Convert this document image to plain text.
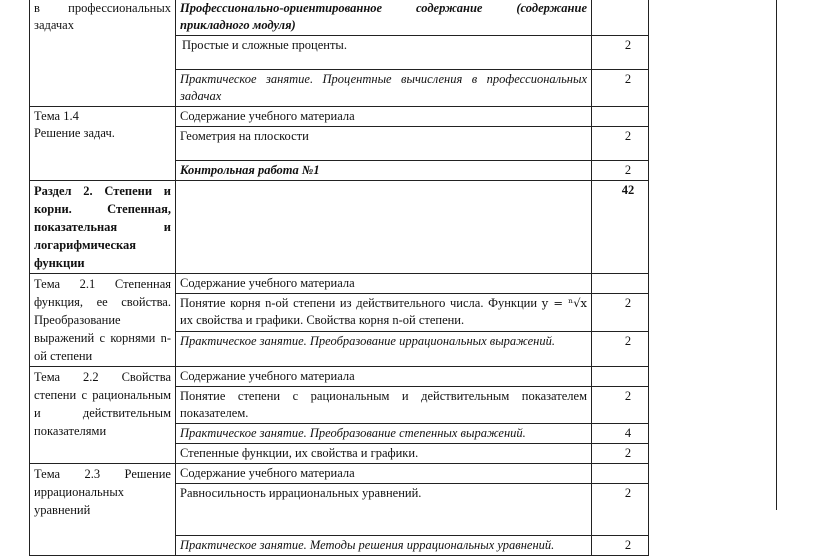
в профессиональных задачах	Профессионально-ориентированное содержание (содержание прикладного модуля)	
	Простые и сложные проценты.	2
	Практическое занятие. Процентные вычисления в профессиональных задачах	2

Тема 1.4
Решение задач.	Содержание учебного материала	
	Геометрия на плоскости	2
	Контрольная работа №1	2
Раздел 2. Степени и корни. Степенная, показательная и логарифмическая функции		42
Тема 2.1 Степенная функция, ее свойства. Преобразование выражений с корнями n-ой степени	Содержание учебного материала	
	Понятие корня n-ой степени из действительного числа. Функции y = ⁿ√x их свойства и графики. Свойства корня n-ой степени.	2
	Практическое занятие. Преобразование иррациональных выражений.	2
Тема 2.2 Свойства степени с рациональным и действительным показателями	Содержание учебного материала	
	Понятие степени с рациональным и действительным показателем показателем.	2
	Практическое занятие. Преобразование степенных выражений.	4
	Степенные функции, их свойства и графики.	2
Тема 2.3 Решение иррациональных уравнений	Содержание учебного материала	
	Равносильность иррациональных уравнений.	2
	Практическое занятие. Методы решения иррациональных уравнений.	2
